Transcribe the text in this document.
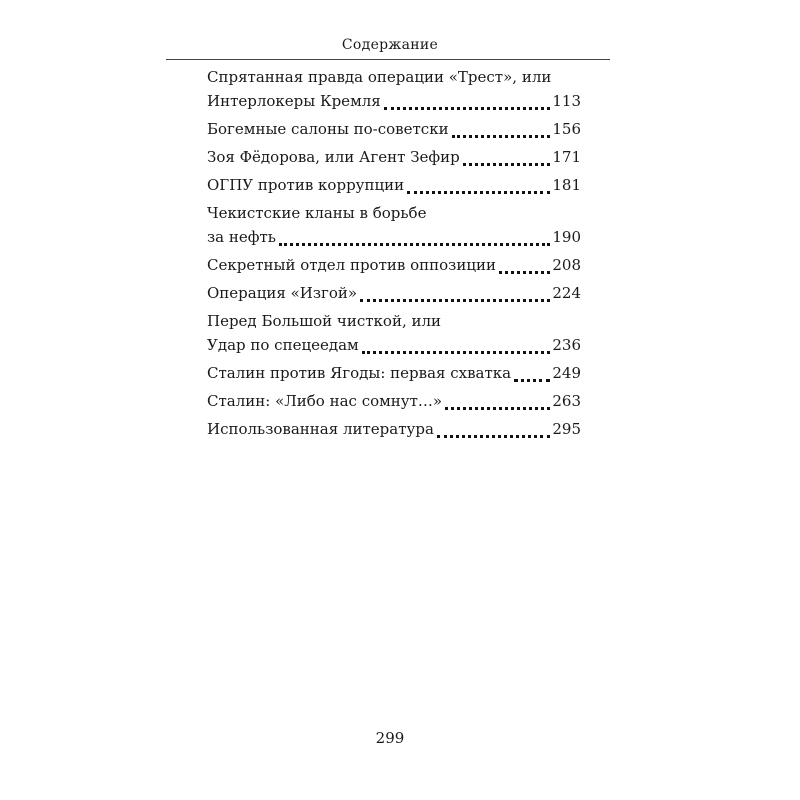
Содержание
Спрятанная правда операции «Трест», или
Интерлокеры Кремля	113
Богемные салоны по-советски	156
Зоя Фёдорова, или Агент Зефир	171
ОГПУ против коррупции	181
Чекистские кланы в борьбе
за нефть	190
Секретный отдел против оппозиции	208
Операция «Изгой»	224
Перед Большой чисткой, или
Удар по спецеедам	236
Сталин против Ягоды: первая схватка	249
Сталин: «Либо нас сомнут…»	263
Использованная литература	295
299
